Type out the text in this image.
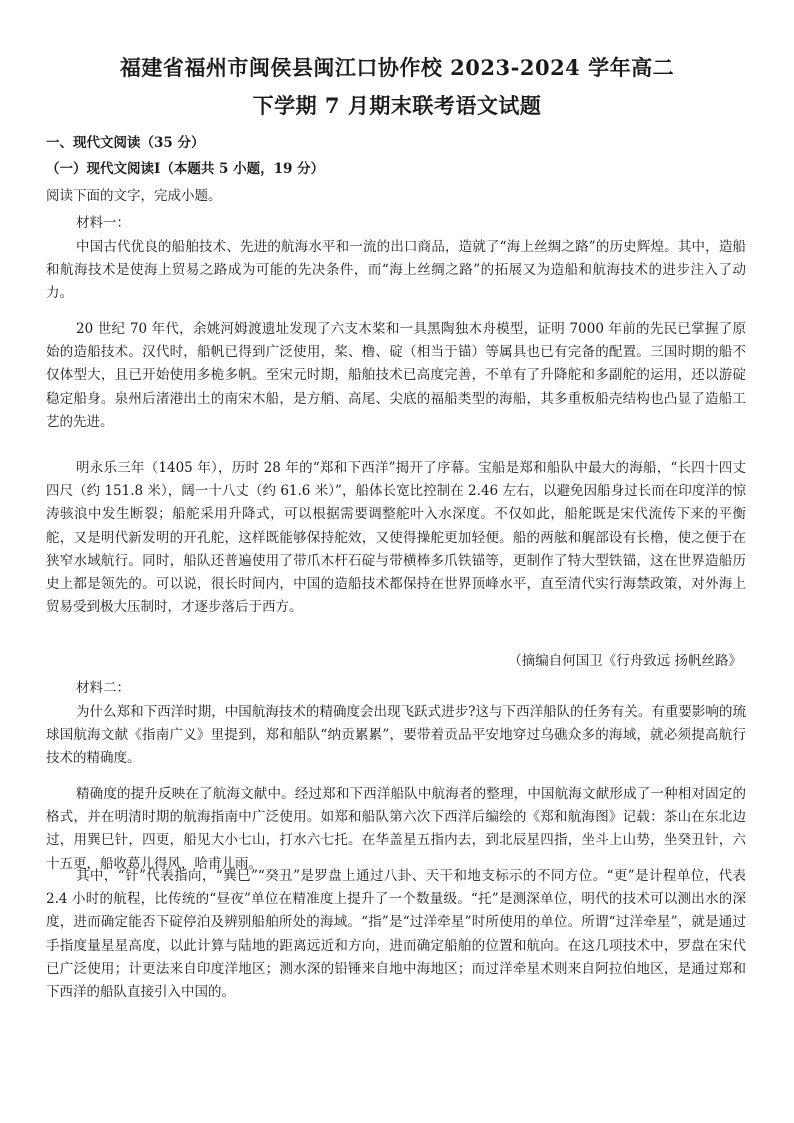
福建省福州市闽侯县闽江口协作校 2023-2024 学年高二
下学期 7 月期末联考语文试题
一、现代文阅读（35 分）
（一）现代文阅读Ⅰ（本题共 5 小题，19 分）
阅读下面的文字，完成小题。
材料一：

中国古代优良的船舶技术、先进的航海水平和一流的出口商品，造就了“海上丝绸之路”的历史辉煌。其中，造船和航海技术是使海上贸易之路成为可能的先决条件，而“海上丝绸之路”的拓展又为造船和航海技术的进步注入了动力。

20 世纪 70 年代，余姚河姆渡遗址发现了六支木桨和一具黑陶独木舟模型，证明 7000 年前的先民已掌握了原始的造船技术。汉代时，船帆已得到广泛使用，桨、橹、碇（相当于锚）等属具也已有完备的配置。三国时期的船不仅体型大，且已开始使用多桅多帆。至宋元时期，船舶技术已高度完善，不单有了升降舵和多副舵的运用，还以游碇稳定船身。泉州后渚港出土的南宋木船，是方艄、高尾、尖底的福船类型的海船，其多重板船壳结构也凸显了造船工艺的先进。

明永乐三年（1405 年），历时 28 年的“郑和下西洋”揭开了序幕。宝船是郑和船队中最大的海船，“长四十四丈四尺（约 151.8 米），阔一十八丈（约 61.6 米）”，船体长宽比控制在 2.46 左右，以避免因船身过长而在印度洋的惊涛骇浪中发生断裂；船舵采用升降式，可以根据需要调整舵叶入水深度。不仅如此，船舵既是宋代流传下来的平衡舵，又是明代新发明的开孔舵，这样既能够保持舵效，又使得操舵更加轻便。船的两舷和艉部设有长橹，使之便于在狭窄水域航行。同时，船队还普遍使用了带爪木杆石碇与带横棒多爪铁锚等，更制作了特大型铁锚，这在世界造船历史上都是领先的。可以说，很长时间内，中国的造船技术都保持在世界顶峰水平，直至清代实行海禁政策，对外海上贸易受到极大压制时，才逐步落后于西方。

（摘编自何国卫《行舟致远 扬帆丝路》
材料二：

为什么郑和下西洋时期，中国航海技术的精确度会出现飞跃式进步?这与下西洋船队的任务有关。有重要影响的琉球国航海文献《指南广义》里提到，郑和船队“纳贡累累”，要带着贡品平安地穿过乌礁众多的海域，就必须提高航行技术的精确度。

精确度的提升反映在了航海文献中。经过郑和下西洋船队中航海者的整理，中国航海文献形成了一种相对固定的格式，并在明清时期的航海指南中广泛使用。如郑和船队第六次下西洋后编绘的《郑和航海图》记载：茶山在东北边过，用巽巳针，四更，船见大小七山，打水六七托。在华盖星五指内去，到北辰星四指，坐斗上山势，坐癸丑针，六十五更，船收葛儿得风，哈甫儿雨。

其中，“针”代表指向，“巽巳”“癸丑”是罗盘上通过八卦、天干和地支标示的不同方位。“更”是计程单位，代表 2.4 小时的航程，比传统的“昼夜”单位在精准度上提升了一个数量级。“托”是测深单位，明代的技术可以测出水的深度，进而确定能否下碇停泊及辨别船舶所处的海域。“指”是“过洋牵星”时所使用的单位。所谓“过洋牵星”，就是通过手指度量星星高度，以此计算与陆地的距离远近和方向，进而确定船舶的位置和航向。在这几项技术中，罗盘在宋代已广泛使用；计更法来自印度洋地区；测水深的铅锤来自地中海地区；而过洋牵星术则来自阿拉伯地区，是通过郑和下西洋的船队直接引入中国的。
